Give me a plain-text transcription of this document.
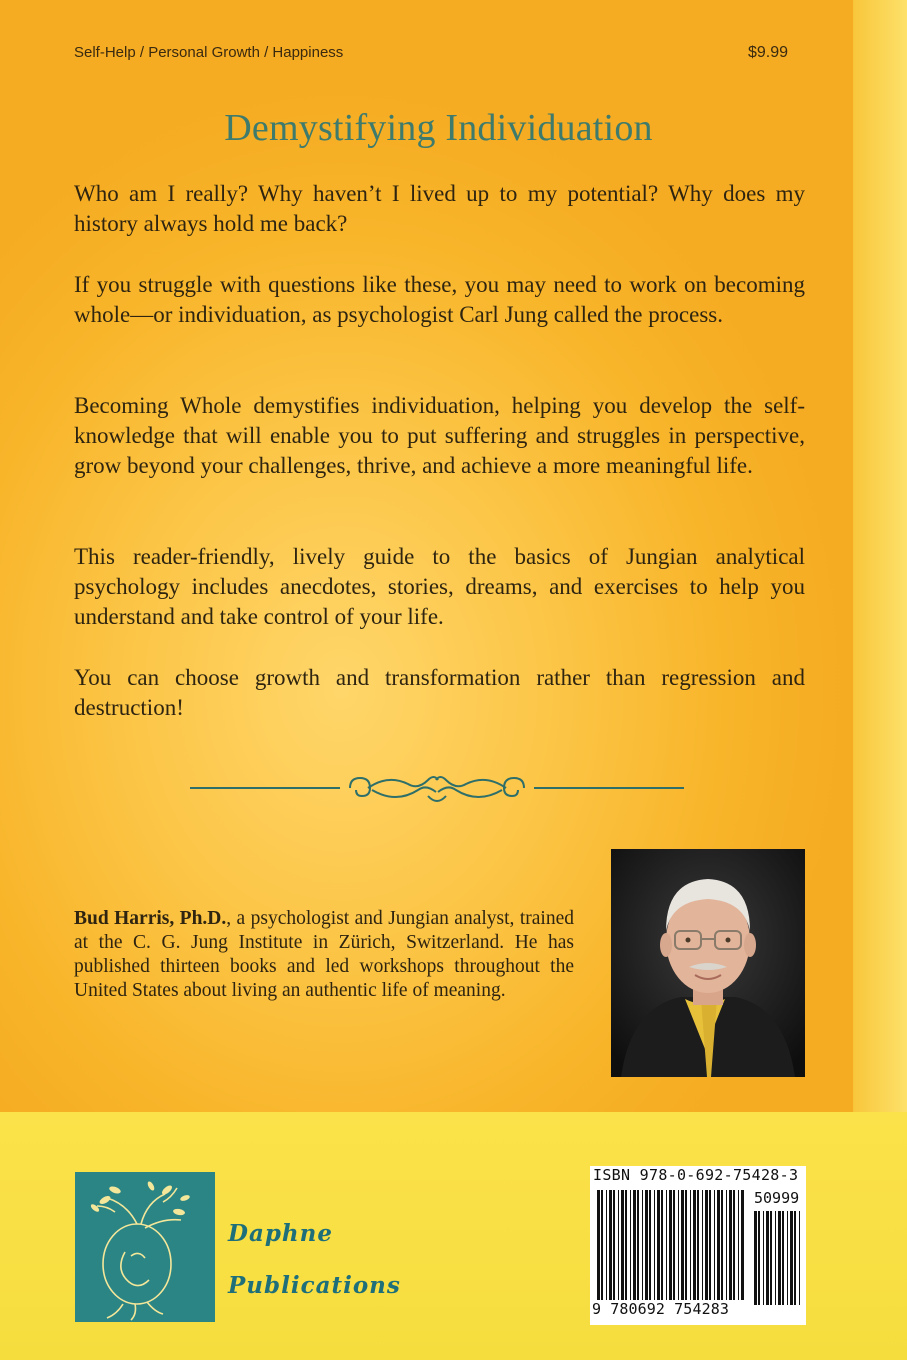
Self-Help / Personal Growth / Happiness	$9.99
Demystifying Individuation

Who am I really? Why haven’t I lived up to my potential? Why does my history always hold me back?

If you struggle with questions like these, you may need to work on becoming whole—or individuation, as psychologist Carl Jung called the process.

Becoming Whole demystifies individuation, helping you develop the self-knowledge that will enable you to put suffering and struggles in perspective, grow beyond your challenges, thrive, and achieve a more meaningful life.

This reader-friendly, lively guide to the basics of Jungian analytical psychology includes anecdotes, stories, dreams, and exercises to help you understand and take control of your life.

You can choose growth and transformation rather than regression and destruction!

Bud Harris, Ph.D., a psychologist and Jungian analyst, trained at the C. G. Jung Institute in Zürich, Switzerland. He has published thirteen books and led workshops throughout the United States about living an authentic life of meaning.

Daphne
Publications
ISBN 978-0-692-75428-3
50999
9 780692 754283
